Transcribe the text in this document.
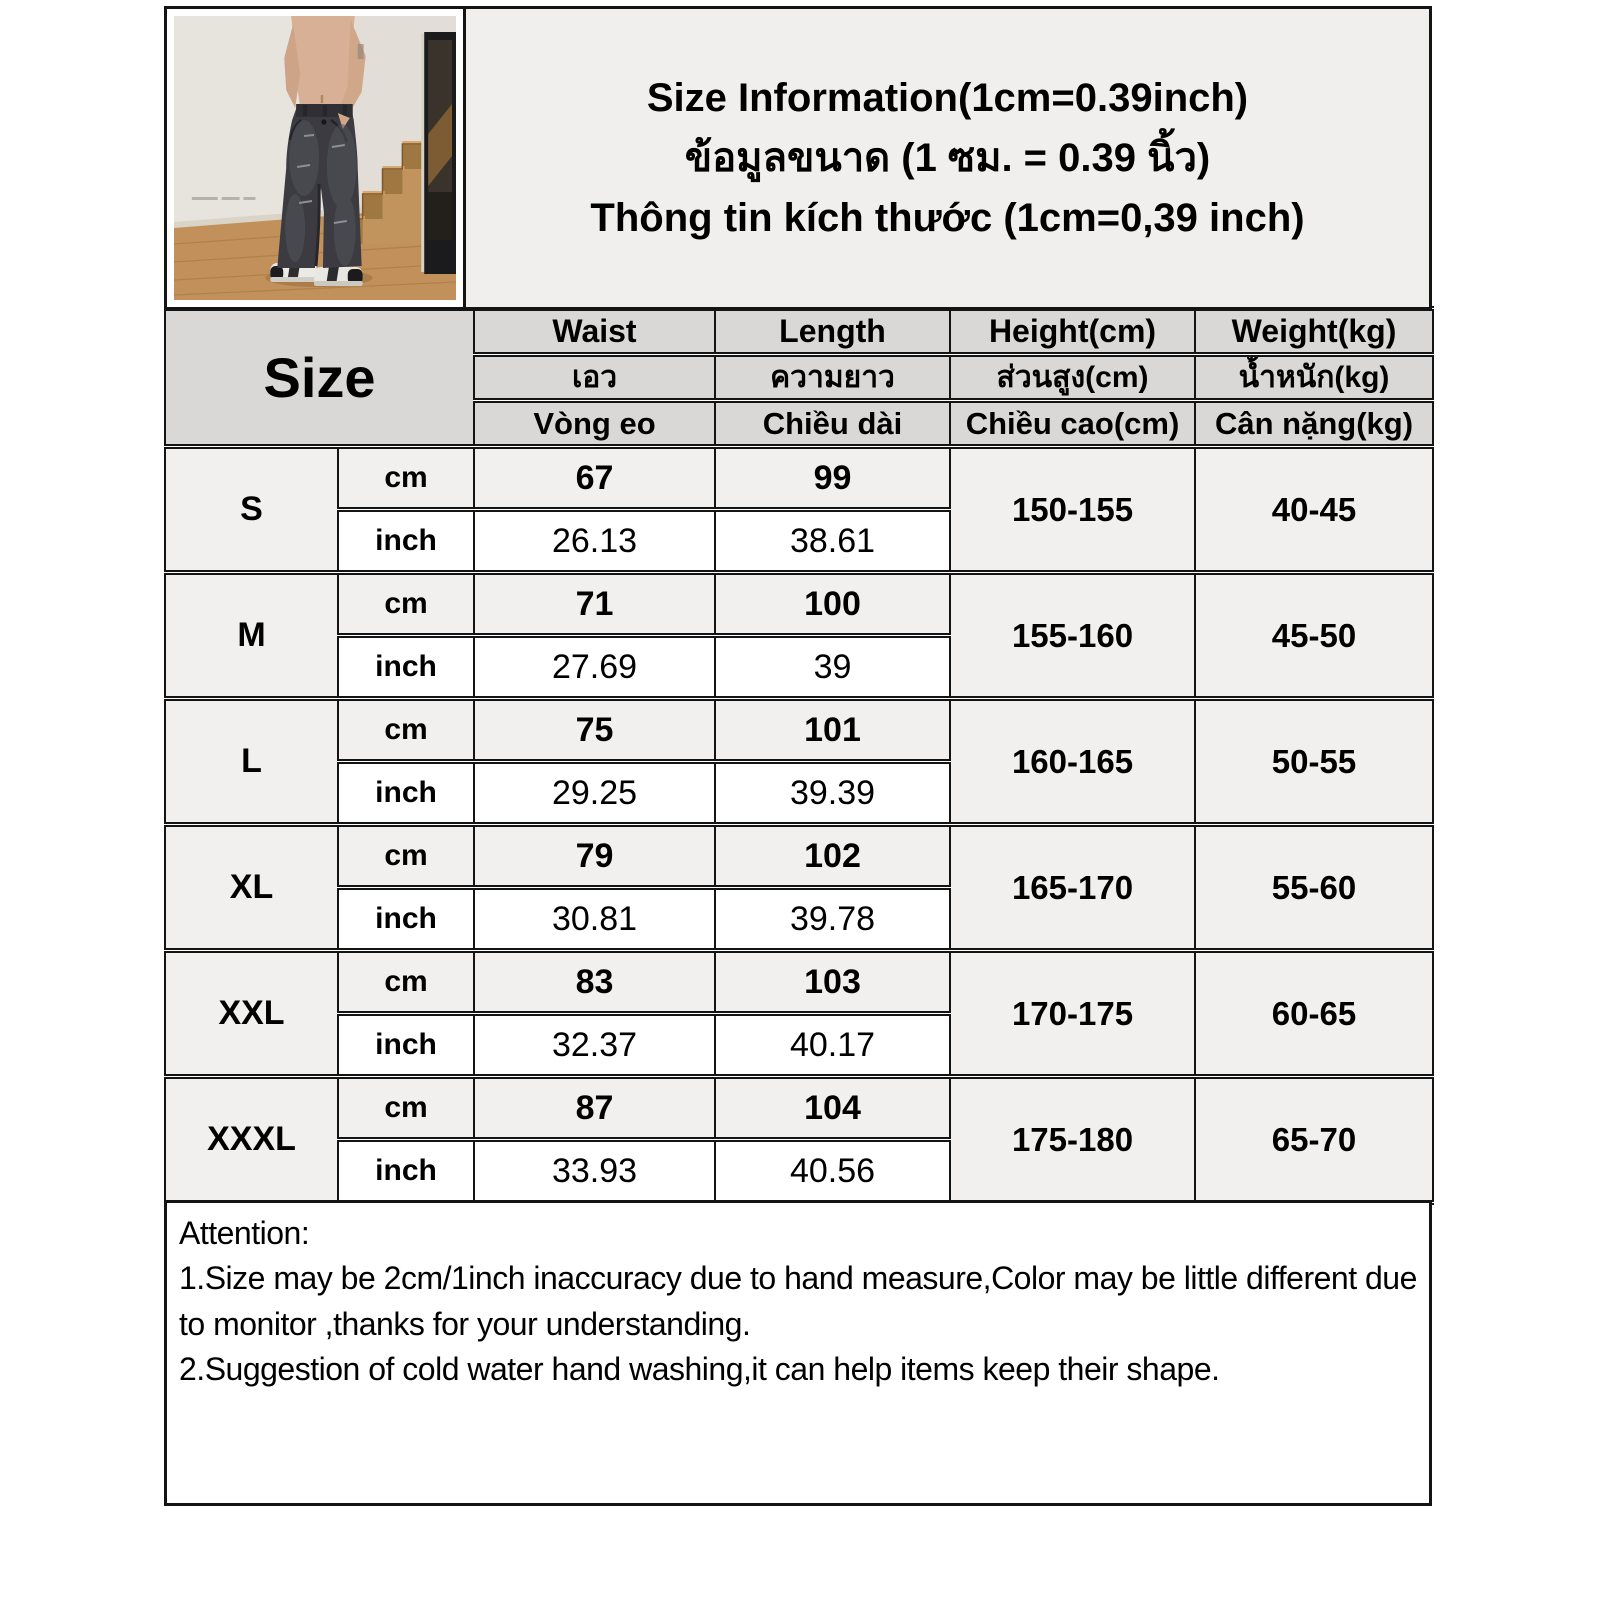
Size Information(1cm=0.39inch)
ข้อมูลขนาด (1 ซม. = 0.39 นิ้ว)
Thông tin kích thước (1cm=0,39 inch)
Size		Waist	Length	Height(cm)	Weight(kg)
		เอว	ความยาว	ส่วนสูง(cm)	น้ำหนัก(kg)
		Vòng eo	Chiều dài	Chiều cao(cm)	Cân nặng(kg)
S	cm	67	99	150-155	40-45
	inch	26.13	38.61		
M	cm	71	100	155-160	45-50
	inch	27.69	39		
L	cm	75	101	160-165	50-55
	inch	29.25	39.39		
XL	cm	79	102	165-170	55-60
	inch	30.81	39.78		
XXL	cm	83	103	170-175	60-65
	inch	32.37	40.17		
XXXL	cm	87	104	175-180	65-70
	inch	33.93	40.56		

Attention:

1.Size may be 2cm/1inch inaccuracy due to hand measure,Color may be little different due to monitor ,thanks for your understanding.

2.Suggestion of cold water hand washing,it can help items keep their shape.
